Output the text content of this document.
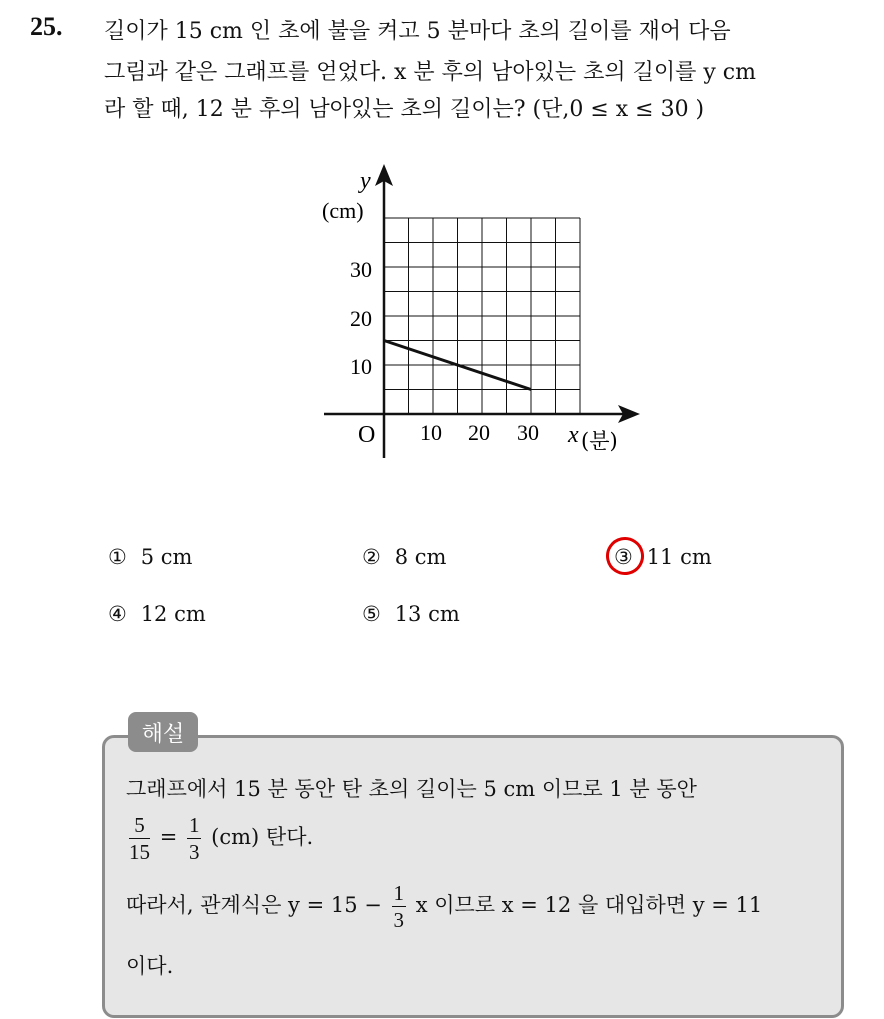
25. 길이가 15 cm 인 초에 불을 켜고 5 분마다 초의 길이를 재어 다음
그림과 같은 그래프를 얻었다. x 분 후의 남아있는 초의 길이를 y cm
라 할 때, 12 분 후의 남아있는 초의 길이는? (단,0 ≤ x ≤ 30 )
y
(cm)
O
10
20
30
10 20 30 x (분)
① 5 cm	② 8 cm	③ 11 cm
④ 12 cm	⑤ 13 cm
해설
그래프에서 15 분 동안 탄 초의 길이는 5 cm 이므로 1 분 동안
$\frac{5}{15} = \frac{1}{3} (cm)$ 탄다.
따라서, 관계식은 $y = 15 - \frac{1}{3}$ x 이므로 x = 12 을 대입하면 y = 11
이다.
